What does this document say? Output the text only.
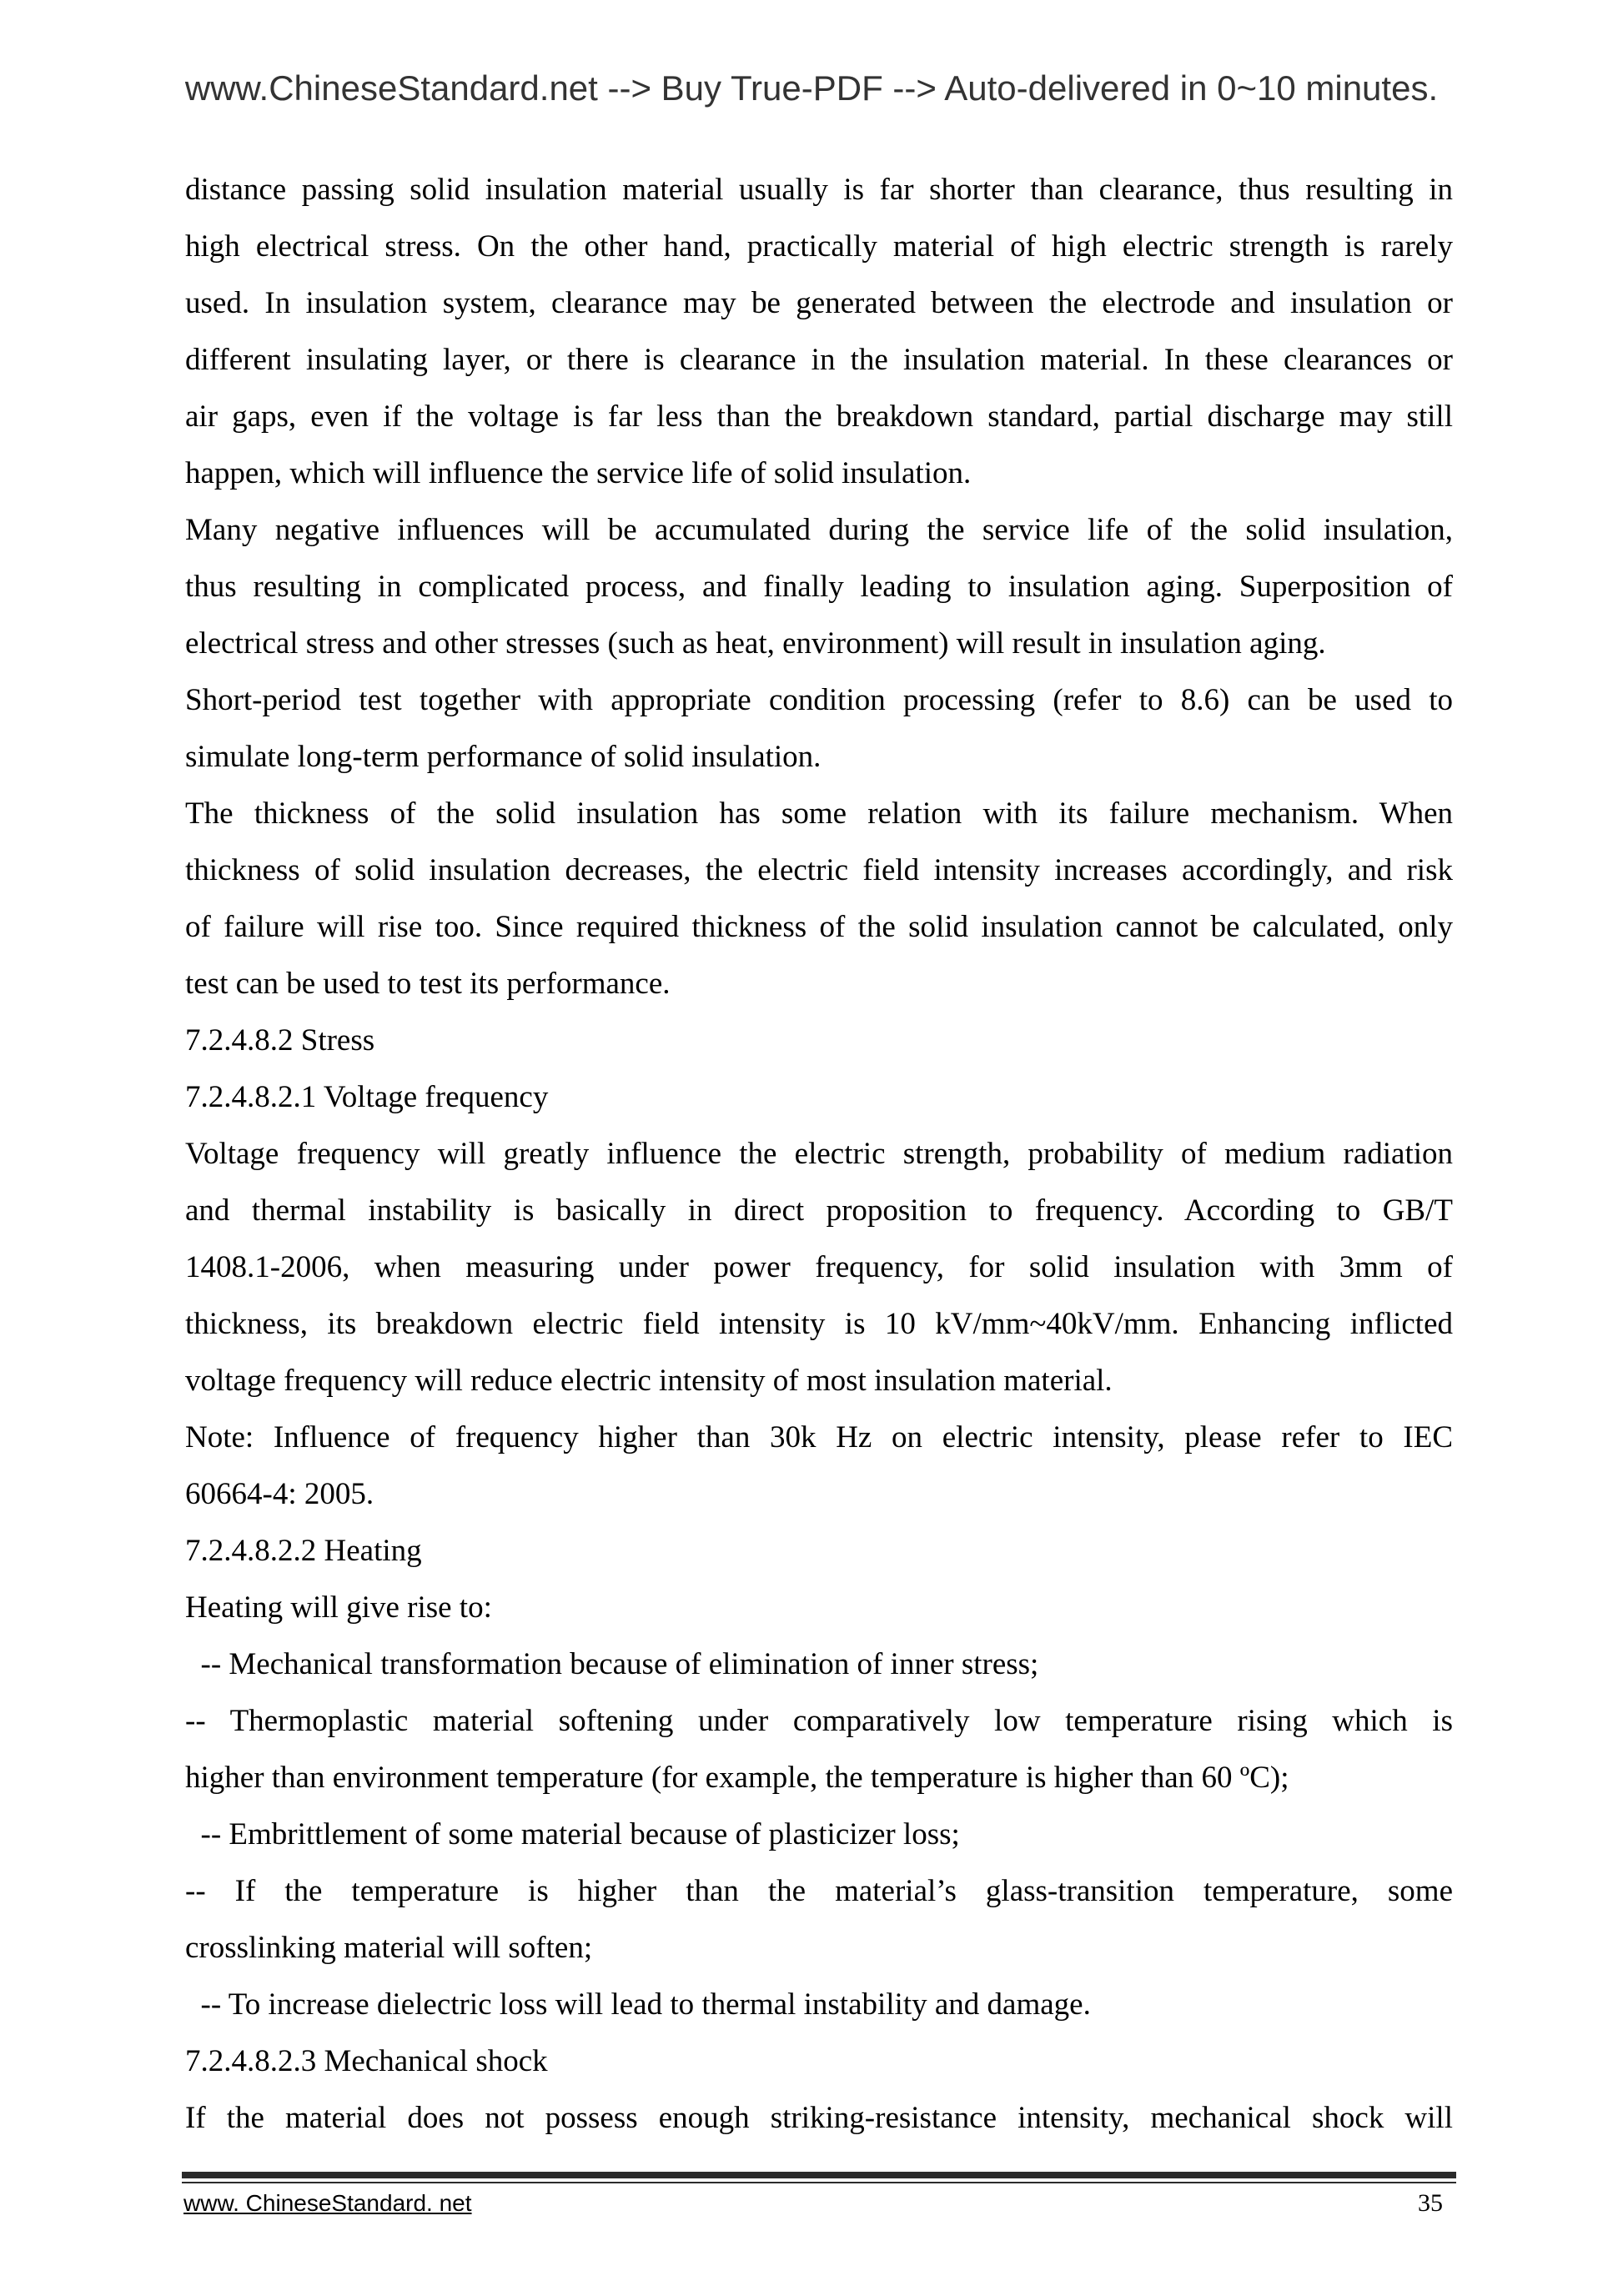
www.ChineseStandard.net --> Buy True-PDF --> Auto-delivered in 0~10 minutes.
distance passing solid insulation material usually is far shorter than clearance, thus resulting in
high electrical stress. On the other hand, practically material of high electric strength is rarely
used. In insulation system, clearance may be generated between the electrode and insulation or
different insulating layer, or there is clearance in the insulation material. In these clearances or
air gaps, even if the voltage is far less than the breakdown standard, partial discharge may still
happen, which will influence the service life of solid insulation.
Many negative influences will be accumulated during the service life of the solid insulation,
thus resulting in complicated process, and finally leading to insulation aging. Superposition of
electrical stress and other stresses (such as heat, environment) will result in insulation aging.
Short-period test together with appropriate condition processing (refer to 8.6) can be used to
simulate long-term performance of solid insulation.
The thickness of the solid insulation has some relation with its failure mechanism. When
thickness of solid insulation decreases, the electric field intensity increases accordingly, and risk
of failure will rise too. Since required thickness of the solid insulation cannot be calculated, only
test can be used to test its performance.
7.2.4.8.2 Stress
7.2.4.8.2.1 Voltage frequency
Voltage frequency will greatly influence the electric strength, probability of medium radiation
and thermal instability is basically in direct proposition to frequency. According to GB/T
1408.1-2006, when measuring under power frequency, for solid insulation with 3mm of
thickness, its breakdown electric field intensity is 10 kV/mm~40kV/mm. Enhancing inflicted
voltage frequency will reduce electric intensity of most insulation material.
Note: Influence of frequency higher than 30k Hz on electric intensity, please refer to IEC
60664-4: 2005.
7.2.4.8.2.2 Heating
Heating will give rise to:
-- Mechanical transformation because of elimination of inner stress;
-- Thermoplastic material softening under comparatively low temperature rising which is
higher than environment temperature (for example, the temperature is higher than 60 ºC);
-- Embrittlement of some material because of plasticizer loss;
-- If the temperature is higher than the material’s glass-transition temperature, some
crosslinking material will soften;
-- To increase dielectric loss will lead to thermal instability and damage.
7.2.4.8.2.3 Mechanical shock
If the material does not possess enough striking-resistance intensity, mechanical shock will
www. ChineseStandard. net	35
